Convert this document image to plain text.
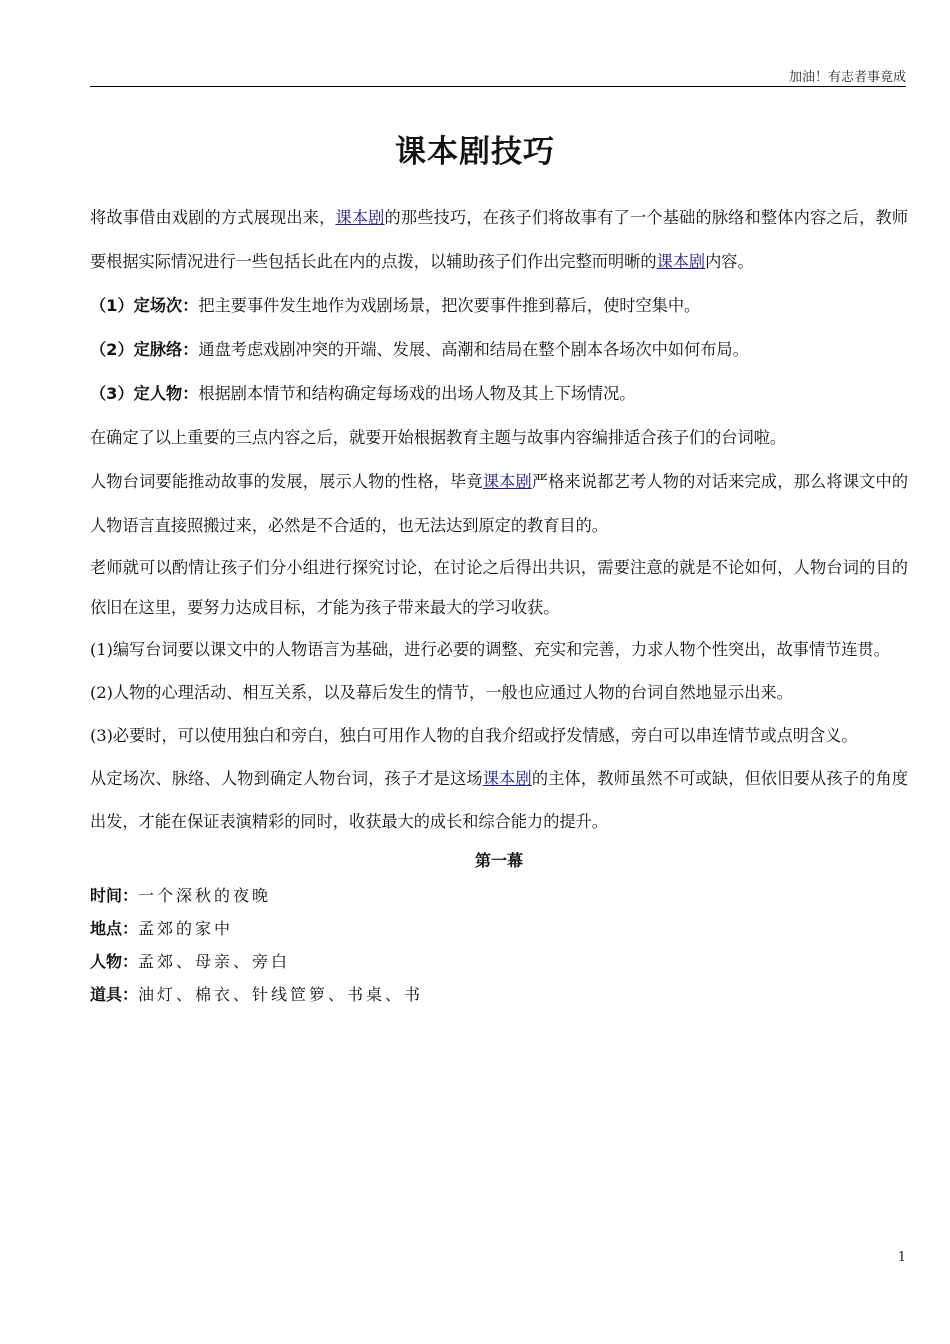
加油！有志者事竟成
课本剧技巧

将故事借由戏剧的方式展现出来，课本剧的那些技巧，在孩子们将故事有了一个基础的脉络和整体内容之后，教师要根据实际情况进行一些包括长此在内的点拨，以辅助孩子们作出完整而明晰的课本剧内容。

（1）定场次：把主要事件发生地作为戏剧场景，把次要事件推到幕后，使时空集中。

（2）定脉络：通盘考虑戏剧冲突的开端、发展、高潮和结局在整个剧本各场次中如何布局。

（3）定人物：根据剧本情节和结构确定每场戏的出场人物及其上下场情况。

在确定了以上重要的三点内容之后，就要开始根据教育主题与故事内容编排适合孩子们的台词啦。

人物台词要能推动故事的发展，展示人物的性格，毕竟课本剧严格来说都艺考人物的对话来完成，那么将课文中的人物语言直接照搬过来，必然是不合适的，也无法达到原定的教育目的。

老师就可以酌情让孩子们分小组进行探究讨论，在讨论之后得出共识，需要注意的就是不论如何，人物台词的目的依旧在这里，要努力达成目标，才能为孩子带来最大的学习收获。

(1)编写台词要以课文中的人物语言为基础，进行必要的调整、充实和完善，力求人物个性突出，故事情节连贯。

(2)人物的心理活动、相互关系，以及幕后发生的情节，一般也应通过人物的台词自然地显示出来。

(3)必要时，可以使用独白和旁白，独白可用作人物的自我介绍或抒发情感，旁白可以串连情节或点明含义。

从定场次、脉络、人物到确定人物台词，孩子才是这场课本剧的主体，教师虽然不可或缺，但依旧要从孩子的角度出发，才能在保证表演精彩的同时，收获最大的成长和综合能力的提升。

第一幕
时间：一个深秋的夜晚
地点：孟郊的家中
人物：孟郊、母亲、旁白
道具：油灯、棉衣、针线笸箩、书桌、书
1
